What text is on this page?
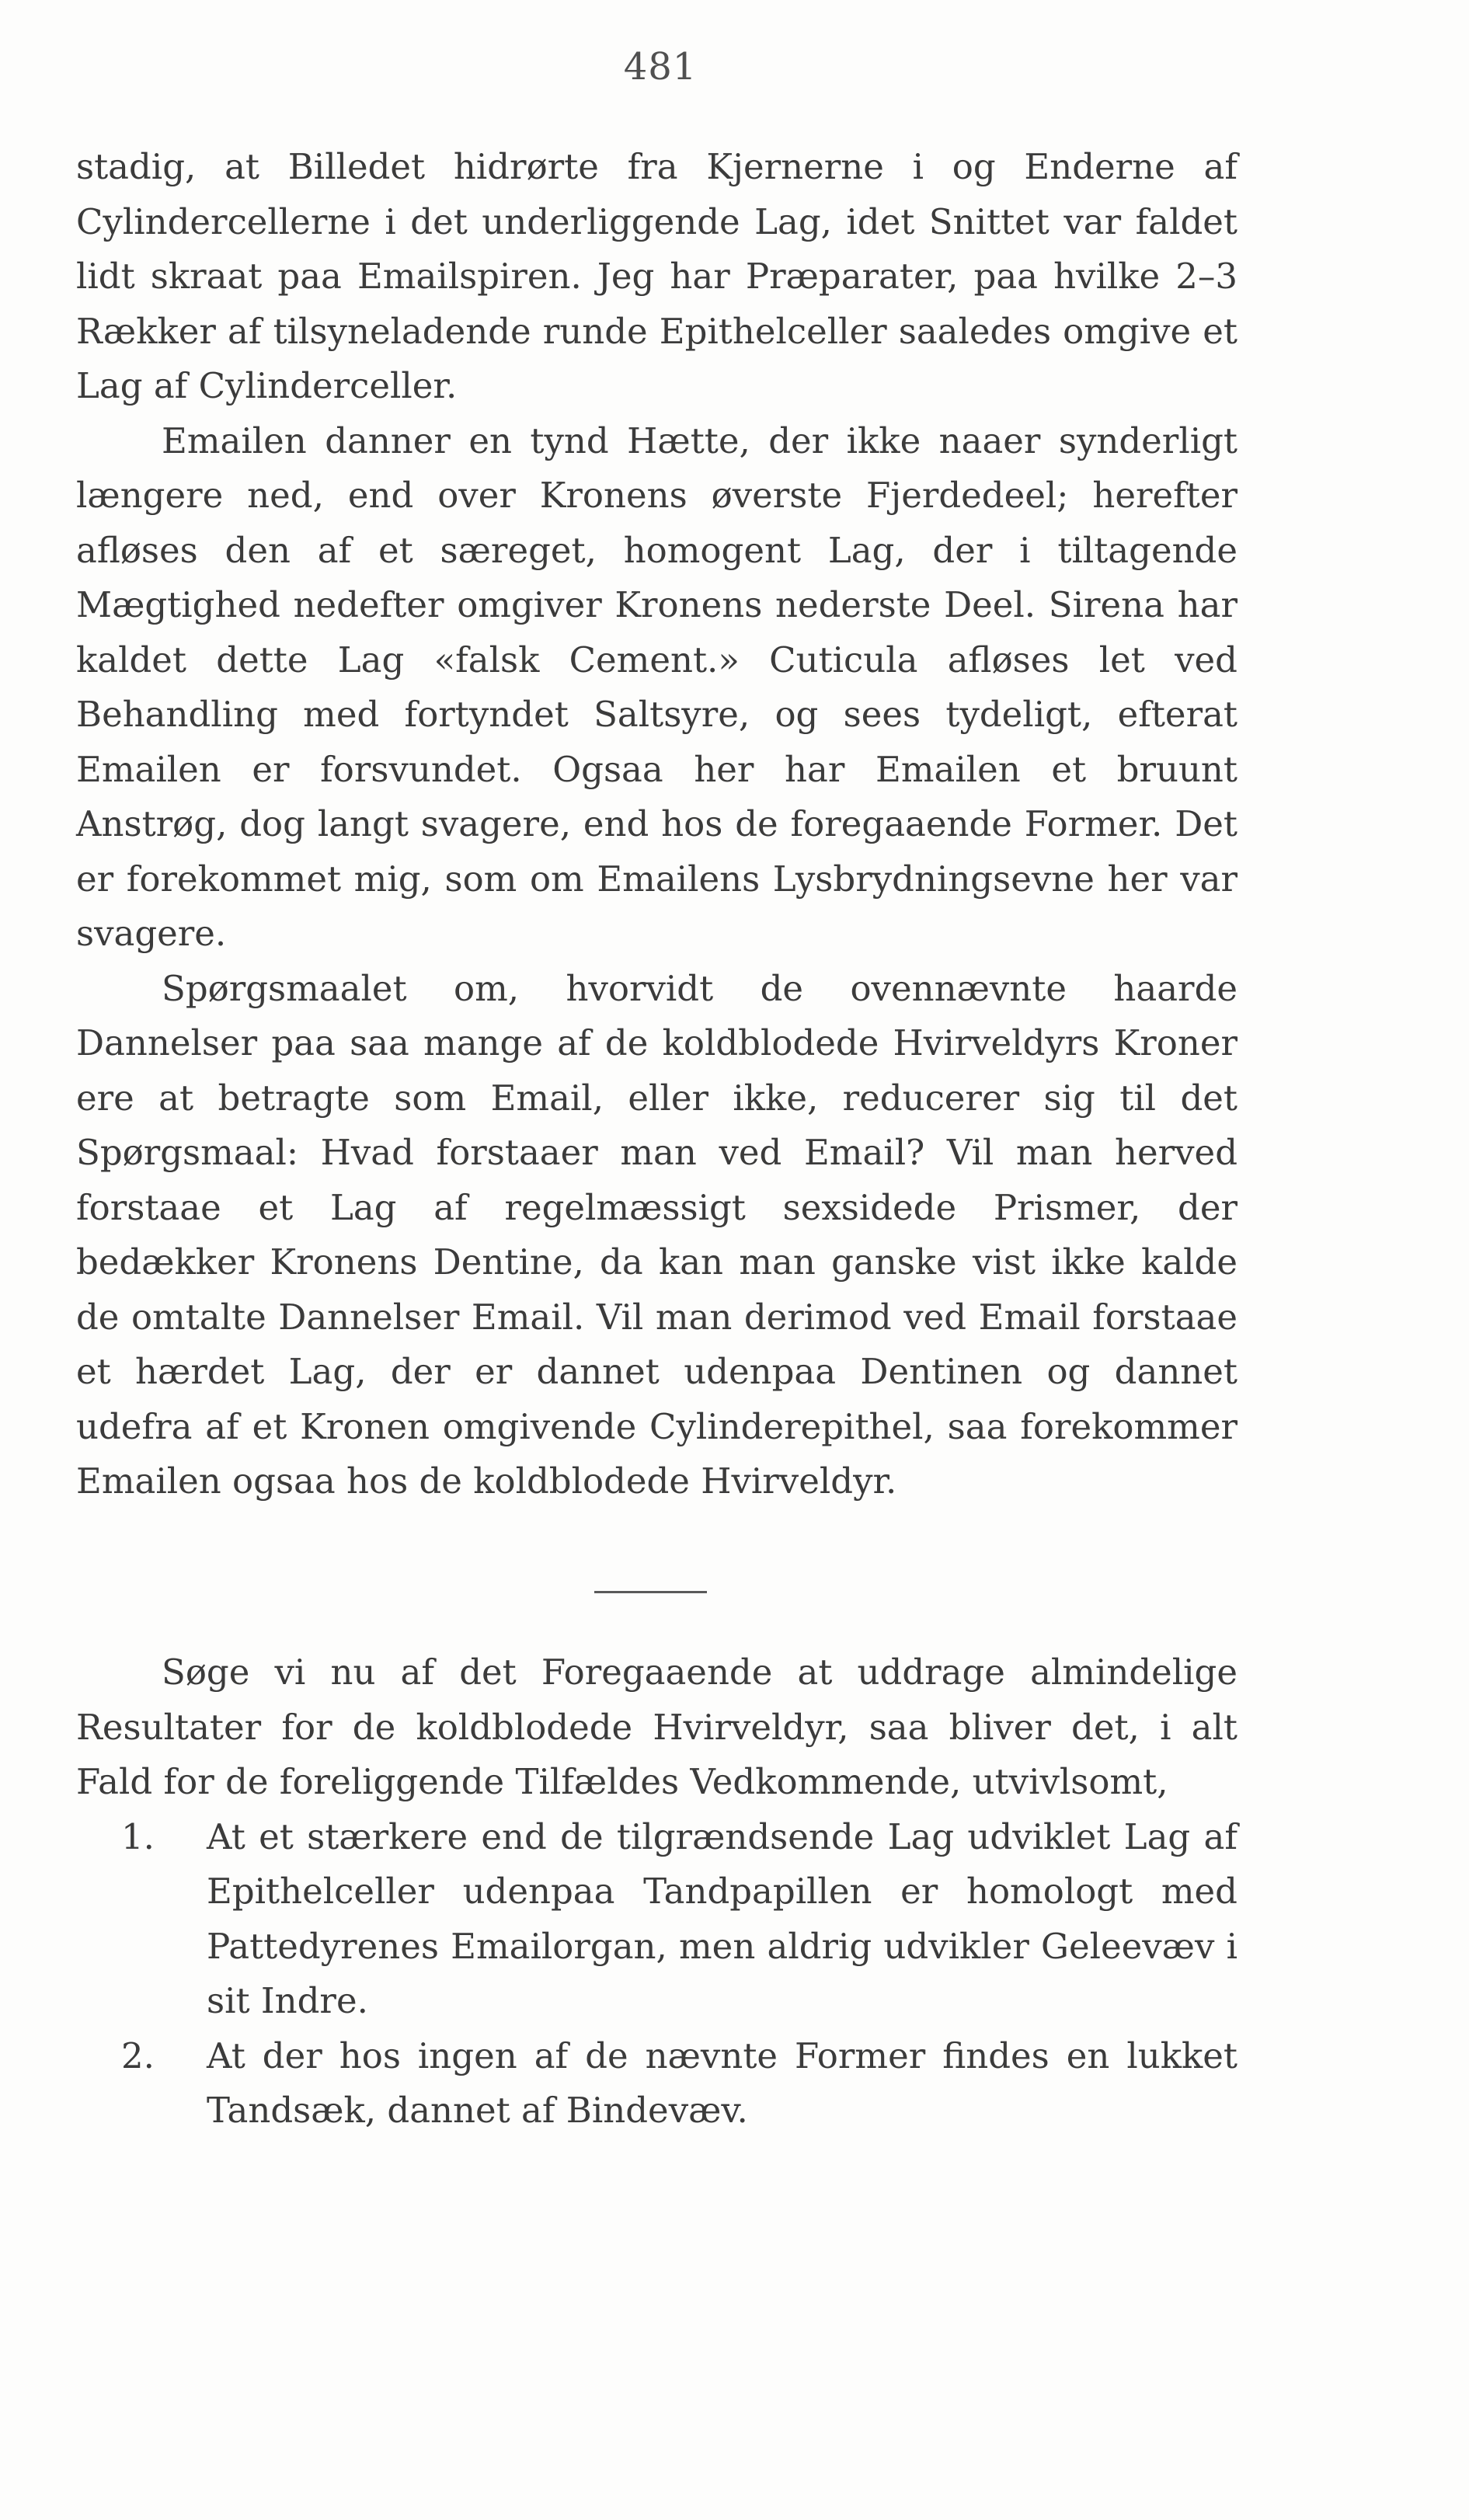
481

stadig, at Billedet hidrørte fra Kjernerne i og Enderne af Cylindercellerne i det underliggende Lag, idet Snittet var faldet lidt skraat paa Emailspiren. Jeg har Præparater, paa hvilke 2–3 Rækker af tilsyneladende runde Epithelceller saaledes omgive et Lag af Cylinderceller.

Emailen danner en tynd Hætte, der ikke naaer synderligt længere ned, end over Kronens øverste Fjerdedeel; herefter afløses den af et særeget, homogent Lag, der i tiltagende Mægtighed nedefter omgiver Kronens nederste Deel. Sirena har kaldet dette Lag «falsk Cement.» Cuticula afløses let ved Behandling med fortyndet Saltsyre, og sees tydeligt, efterat Emailen er forsvundet. Ogsaa her har Emailen et bruunt Anstrøg, dog langt svagere, end hos de foregaaende Former. Det er forekommet mig, som om Emailens Lysbrydningsevne her var svagere.

Spørgsmaalet om, hvorvidt de ovennævnte haarde Dannelser paa saa mange af de koldblodede Hvirveldyrs Kroner ere at betragte som Email, eller ikke, reducerer sig til det Spørgsmaal: Hvad forstaaer man ved Email? Vil man herved forstaae et Lag af regelmæssigt sexsidede Prismer, der bedækker Kronens Dentine, da kan man ganske vist ikke kalde de omtalte Dannelser Email. Vil man derimod ved Email forstaae et hærdet Lag, der er dannet udenpaa Dentinen og dannet udefra af et Kronen omgivende Cylinderepithel, saa forekommer Emailen ogsaa hos de koldblodede Hvirveldyr.

Søge vi nu af det Foregaaende at uddrage almindelige Resultater for de koldblodede Hvirveldyr, saa bliver det, i alt Fald for de foreliggende Tilfældes Vedkommende, utvivlsomt,

1. At et stærkere end de tilgrændsende Lag udviklet Lag af Epithelceller udenpaa Tandpapillen er homologt med Pattedyrenes Emailorgan, men aldrig udvikler Geleevæv i sit Indre.
2. At der hos ingen af de nævnte Former findes en lukket Tandsæk, dannet af Bindevæv.
